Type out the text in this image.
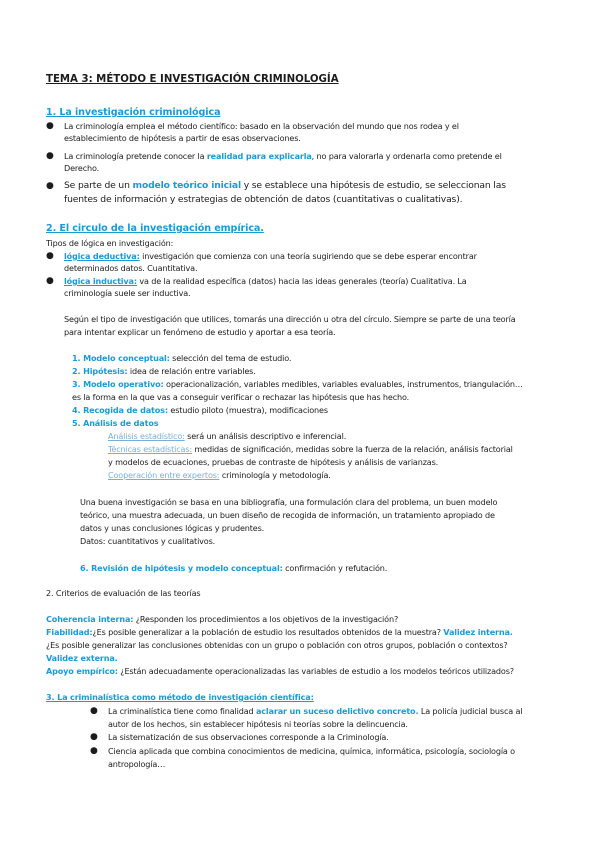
TEMA 3: MÉTODO E INVESTIGACIÓN CRIMINOLOGÍA
1. La investigación criminológica
● La criminología emplea el método científico: basado en la observación del mundo que nos rodea y el
establecimiento de hipótesis a partir de esas observaciones.
● La criminología pretende conocer la realidad para explicarla, no para valorarla y ordenarla como pretende el
Derecho.
● Se parte de un modelo teórico inicial y se establece una hipótesis de estudio, se seleccionan las
fuentes de información y estrategias de obtención de datos (cuantitativas o cualitativas).
2. El circulo de la investigación empírica.
Tipos de lógica en investigación:
● lógica deductiva: investigación que comienza con una teoría sugiriendo que se debe esperar encontrar
determinados datos. Cuantitativa.
● lógica inductiva: va de la realidad específica (datos) hacia las ideas generales (teoría) Cualitativa. La
criminología suele ser inductiva.
Según el tipo de investigación que utilices, tomarás una dirección u otra del círculo. Siempre se parte de una teoría
para intentar explicar un fenómeno de estudio y aportar a esa teoría.
1. Modelo conceptual: selección del tema de estudio.
2. Hipótesis: idea de relación entre variables.
3. Modelo operativo: operacionalización, variables medibles, variables evaluables, instrumentos, triangulación…
es la forma en la que vas a conseguir verificar o rechazar las hipótesis que has hecho.
4. Recogida de datos: estudio piloto (muestra), modificaciones
5. Análisis de datos
Análisis estadístico: será un análisis descriptivo e inferencial.
Técnicas estadísticas: medidas de significación, medidas sobre la fuerza de la relación, análisis factorial
y modelos de ecuaciones, pruebas de contraste de hipótesis y análisis de varianzas.
Cooperación entre expertos: criminología y metodología.
Una buena investigación se basa en una bibliografía, una formulación clara del problema, un buen modelo
teórico, una muestra adecuada, un buen diseño de recogida de información, un tratamiento apropiado de
datos y unas conclusiones lógicas y prudentes.
Datos: cuantitativos y cualitativos.
6. Revisión de hipótesis y modelo conceptual: confirmación y refutación.
2. Criterios de evaluación de las teorías
Coherencia interna: ¿Responden los procedimientos a los objetivos de la investigación?
Fiabilidad:¿Es posible generalizar a la población de estudio los resultados obtenidos de la muestra? Validez interna.
¿Es posible generalizar las conclusiones obtenidas con un grupo o población con otros grupos, población o contextos?
Validez externa.
Apoyo empírico: ¿Están adecuadamente operacionalizadas las variables de estudio a los modelos teóricos utilizados?
3. La criminalística como método de investigación científica:
● La criminalística tiene como finalidad aclarar un suceso delictivo concreto. La policía judicial busca al
autor de los hechos, sin establecer hipótesis ni teorías sobre la delincuencia.
● La sistematización de sus observaciones corresponde a la Criminología.
● Ciencia aplicada que combina conocimientos de medicina, química, informática, psicología, sociología o
antropología…
